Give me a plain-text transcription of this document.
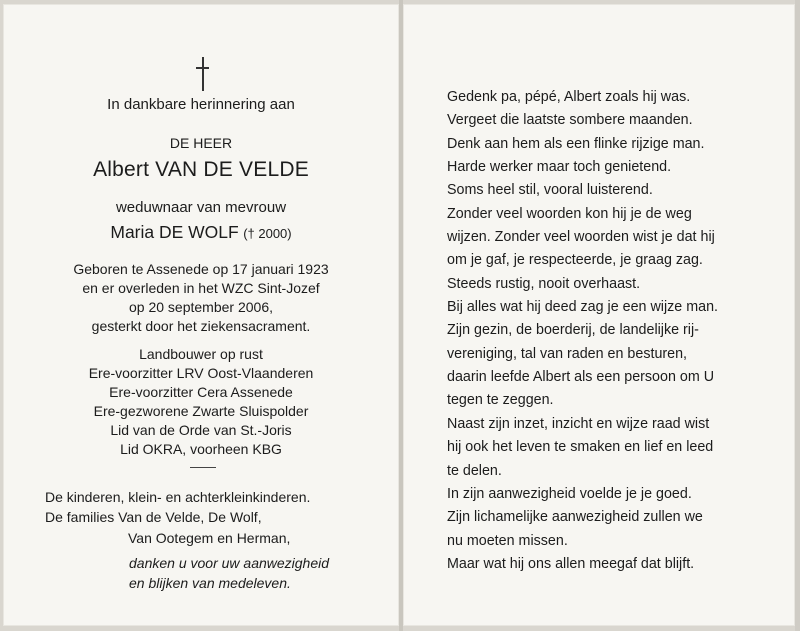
In dankbare herinnering aan
DE HEER
Albert VAN DE VELDE
weduwnaar van mevrouw
Maria DE WOLF († 2000)
Geboren te Assenede op 17 januari 1923
en er overleden in het WZC Sint-Jozef
op 20 september 2006,
gesterkt door het ziekensacrament.
Landbouwer op rust
Ere-voorzitter LRV Oost-Vlaanderen
Ere-voorzitter Cera Assenede
Ere-gezworene Zwarte Sluispolder
Lid van de Orde van St.-Joris
Lid OKRA, voorheen KBG
De kinderen, klein- en achterkleinkinderen.
De families Van de Velde, De Wolf,
Van Ootegem en Herman,
danken u voor uw aanwezigheid
en blijken van medeleven.
Gedenk pa, pépé, Albert zoals hij was.
Vergeet die laatste sombere maanden.
Denk aan hem als een flinke rijzige man.
Harde werker maar toch genietend.
Soms heel stil, vooral luisterend.
Zonder veel woorden kon hij je de weg
wijzen. Zonder veel woorden wist je dat hij
om je gaf, je respecteerde, je graag zag.
Steeds rustig, nooit overhaast.
Bij alles wat hij deed zag je een wijze man.
Zijn gezin, de boerderij, de landelijke rij-
vereniging, tal van raden en besturen,
daarin leefde Albert als een persoon om U
tegen te zeggen.
Naast zijn inzet, inzicht en wijze raad wist
hij ook het leven te smaken en lief en leed
te delen.
In zijn aanwezigheid voelde je je goed.
Zijn lichamelijke aanwezigheid zullen we
nu moeten missen.
Maar wat hij ons allen meegaf dat blijft.
